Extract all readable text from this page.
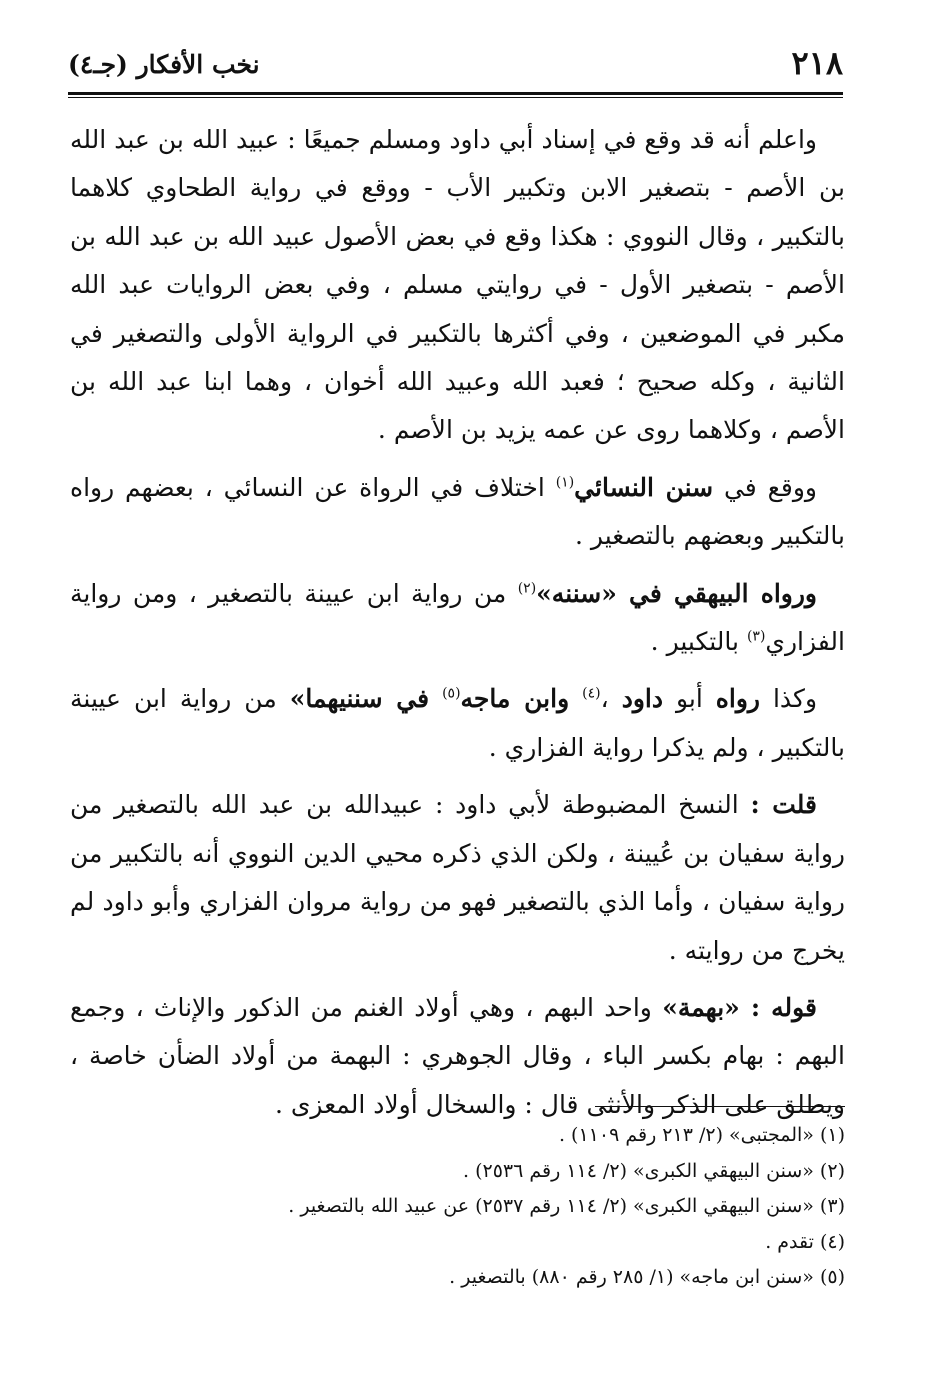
٢١٨
نخب الأفكار (جـ٤)

واعلم أنه قد وقع في إسناد أبي داود ومسلم جميعًا : عبيد الله بن عبد الله بن الأصم - بتصغير الابن وتكبير الأب - ووقع في رواية الطحاوي كلاهما بالتكبير ، وقال النووي : هكذا وقع في بعض الأصول عبيد الله بن عبد الله بن الأصم - بتصغير الأول - في روايتي مسلم ، وفي بعض الروايات عبد الله مكبر في الموضعين ، وفي أكثرها بالتكبير في الرواية الأولى والتصغير في الثانية ، وكله صحيح ؛ فعبد الله وعبيد الله أخوان ، وهما ابنا عبد الله بن الأصم ، وكلاهما روى عن عمه يزيد بن الأصم .

ووقع في سنن النسائي$^{(١)}$ اختلاف في الرواة عن النسائي ، بعضهم رواه بالتكبير وبعضهم بالتصغير .

ورواه البيهقي في «سننه»$^{(٢)}$ من رواية ابن عيينة بالتصغير ، ومن رواية الفزاري$^{(٣)}$ بالتكبير .

وكذا رواه أبو داود ،$^{(٤)}$ وابن ماجه$^{(٥)}$ في سننيهما» من رواية ابن عيينة بالتكبير ، ولم يذكرا رواية الفزاري .

قلت : النسخ المضبوطة لأبي داود : عبيدالله بن عبد الله بالتصغير من رواية سفيان بن عُيينة ، ولكن الذي ذكره محيي الدين النووي أنه بالتكبير من رواية سفيان ، وأما الذي بالتصغير فهو من رواية مروان الفزاري وأبو داود لم يخرج من روايته .

قوله : «بهمة» واحد البهم ، وهي أولاد الغنم من الذكور والإناث ، وجمع البهم : بهام بكسر الباء ، وقال الجوهري : البهمة من أولاد الضأن خاصة ، ويطلق على الذكر والأنثى قال : والسخال أولاد المعزى .

(١) «المجتبى» (٢/ ٢١٣ رقم ١١٠٩) .

(٢) «سنن البيهقي الكبرى» (٢/ ١١٤ رقم ٢٥٣٦) .

(٣) «سنن البيهقي الكبرى» (٢/ ١١٤ رقم ٢٥٣٧) عن عبيد الله بالتصغير .

(٤) تقدم .

(٥) «سنن ابن ماجه» (١/ ٢٨٥ رقم ٨٨٠) بالتصغير .
